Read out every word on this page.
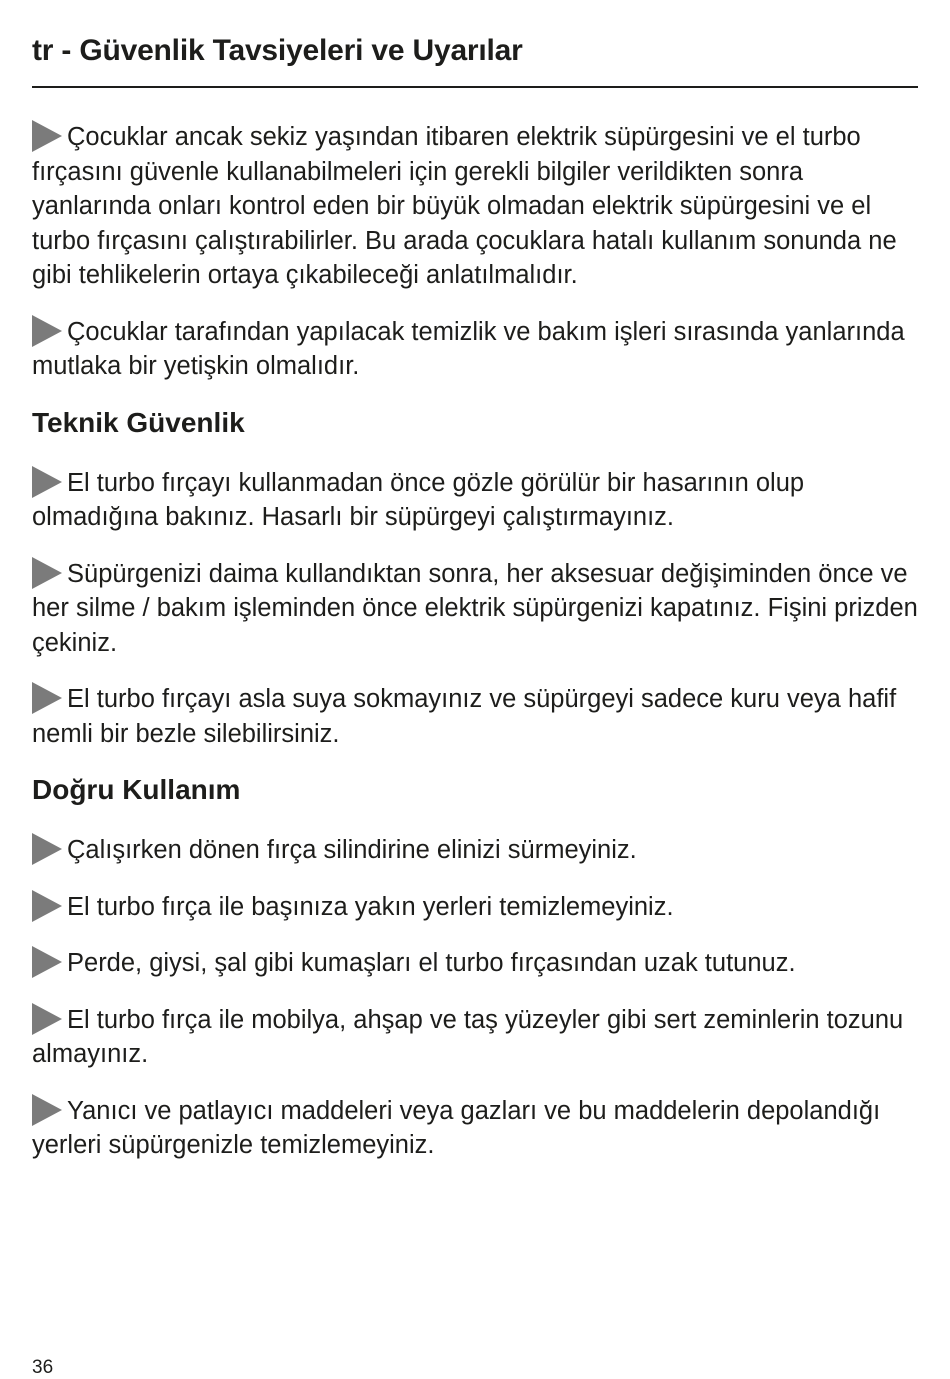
tr - Güvenlik Tavsiyeleri ve Uyarılar

Çocuklar ancak sekiz yaşından itibaren elektrik süpürgesini ve el turbo fırçasını güvenle kullanabilmeleri için gerekli bilgiler verildikten sonra yanlarında onları kontrol eden bir büyük olmadan elektrik süpürgesini ve el turbo fırçasını çalıştırabilirler. Bu arada çocuklara hatalı kullanım sonunda ne gibi tehlikelerin ortaya çıkabileceği anlatılmalıdır.

Çocuklar tarafından yapılacak temizlik ve bakım işleri sırasında yanlarında mutlaka bir yetişkin olmalıdır.

Teknik Güvenlik

El turbo fırçayı kullanmadan önce gözle görülür bir hasarının olup olmadığına bakınız. Hasarlı bir süpürgeyi çalıştırmayınız.

Süpürgenizi daima kullandıktan sonra, her aksesuar değişiminden önce ve her silme / bakım işleminden önce elektrik süpürgenizi kapatınız. Fişini prizden çekiniz.

El turbo fırçayı asla suya sokmayınız ve süpürgeyi sadece kuru veya hafif nemli bir bezle silebilirsiniz.

Doğru Kullanım

Çalışırken dönen fırça silindirine elinizi sürmeyiniz.

El turbo fırça ile başınıza yakın yerleri temizlemeyiniz.

Perde, giysi, şal gibi kumaşları el turbo fırçasından uzak tutunuz.

El turbo fırça ile mobilya, ahşap ve taş yüzeyler gibi sert zeminlerin tozunu almayınız.

Yanıcı ve patlayıcı maddeleri veya gazları ve bu maddelerin depolandığı yerleri süpürgenizle temizlemeyiniz.

36
